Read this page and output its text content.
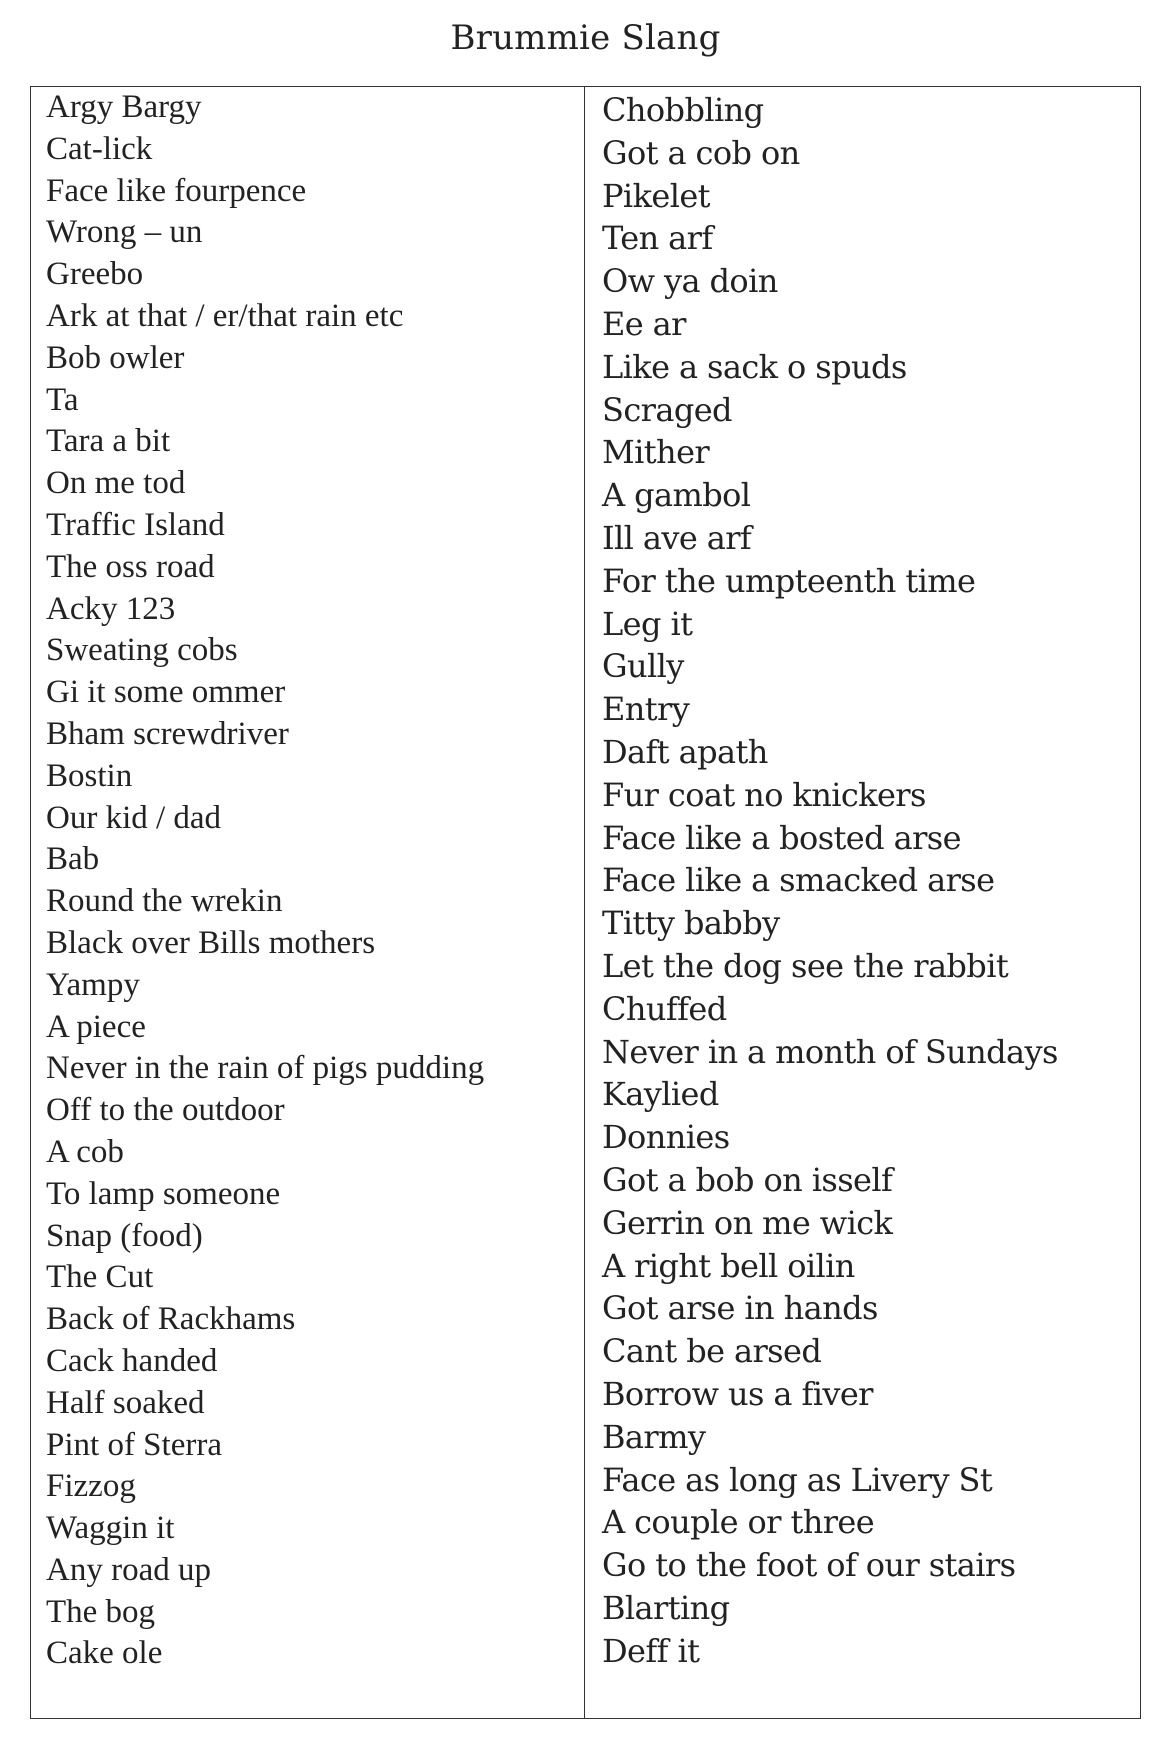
Brummie Slang
Argy Bargy
Cat-lick
Face like fourpence
Wrong – un
Greebo
Ark at that / er/that rain etc
Bob owler
Ta
Tara a bit
On me tod
Traffic Island
The oss road
Acky 123
Sweating cobs
Gi it some ommer
Bham screwdriver
Bostin
Our kid / dad
Bab
Round the wrekin
Black over Bills mothers
Yampy
A piece
Never in the rain of pigs pudding
Off to the outdoor
A cob
To lamp someone
Snap (food)
The Cut
Back of Rackhams
Cack handed
Half soaked
Pint of Sterra
Fizzog
Waggin it
Any road up
The bog
Cake ole
Chobbling
Got a cob on
Pikelet
Ten arf
Ow ya doin
Ee ar
Like a sack o spuds
Scraged
Mither
A gambol
Ill ave arf
For the umpteenth time
Leg it
Gully
Entry
Daft apath
Fur coat no knickers
Face like a bosted arse
Face like a smacked arse
Titty babby
Let the dog see the rabbit
Chuffed
Never in a month of Sundays
Kaylied
Donnies
Got a bob on isself
Gerrin on me wick
A right bell oilin
Got arse in hands
Cant be arsed
Borrow us a fiver
Barmy
Face as long as Livery St
A couple or three
Go to the foot of our stairs
Blarting
Deff it
